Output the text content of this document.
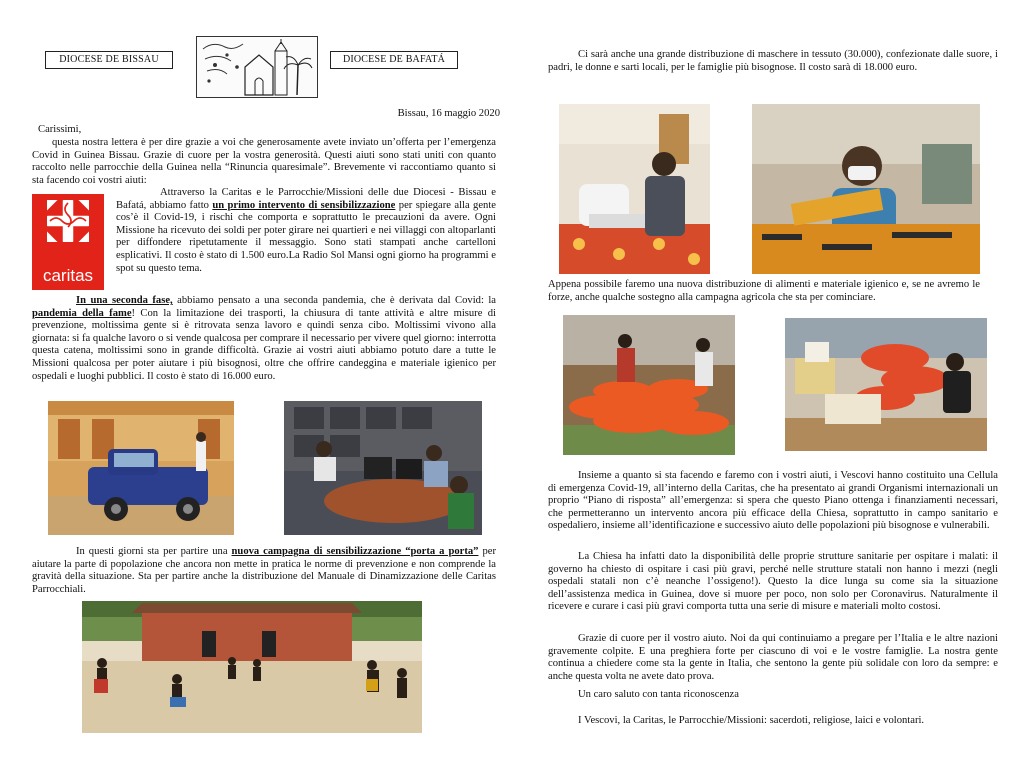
DIOCESE DE BISSAU	DIOCESE DE BAFATÁ
Bissau, 16 maggio 2020
Carissimi,
questa nostra lettera è per dire grazie a voi che generosamente avete inviato un’offerta per l’emergenza Covid in Guinea Bissau. Grazie di cuore per la vostra generosità. Questi aiuti sono stati uniti con quanto raccolto nelle parrocchie della Guinea nella “Rinuncia quaresimale”. Brevemente vi raccontiamo quanto si sta facendo coi vostri aiuti:
caritas
Attraverso la Caritas e le Parrocchie/Missioni delle due Diocesi - Bissau e Bafatá, abbiamo fatto un primo intervento di sensibilizzazione per spiegare alla gente cos’è il Covid-19, i rischi che comporta e soprattutto le precauzioni da avere. Ogni Missione ha ricevuto dei soldi per poter girare nei quartieri e nei villaggi con altoparlanti per diffondere ripetutamente il messaggio. Sono stati stampati anche cartelloni esplicativi. Il costo è stato di 1.500 euro.La Radio Sol Mansi ogni giorno ha programmi e spot su questo tema.
In una seconda fase, abbiamo pensato a una seconda pandemia, che è derivata dal Covid: la pandemia della fame! Con la limitazione dei trasporti, la chiusura di tante attività e altre misure di prevenzione, moltissima gente si è ritrovata senza lavoro e quindi senza cibo. Moltissimi vivono alla giornata: si fa qualche lavoro o si vende qualcosa per comprare il necessario per vivere quel giorno: interrotta questa catena, moltissimi sono in grande difficoltà. Grazie ai vostri aiuti abbiamo potuto dare a tutte le Missioni qualcosa per poter aiutare i più bisognosi, oltre che offrire candeggina e materiale igienico per ospedali e luoghi pubblici. Il costo è stato di 16.000 euro.
In questi giorni sta per partire una nuova campagna di sensibilizzazione “porta a porta” per aiutare la parte di popolazione che ancora non mette in pratica le norme di prevenzione e non comprende la gravità della situazione. Sta per partire anche la distribuzione del Manuale di Dinamizzazione delle Caritas Parrocchiali.
Ci sarà anche una grande distribuzione di maschere in tessuto (30.000), confezionate dalle suore, i padri, le donne e sarti locali, per le famiglie più bisognose. Il costo sarà di 18.000 euro.
Appena possibile faremo una nuova distribuzione di alimenti e materiale igienico e, se ne avremo le forze, anche qualche sostegno alla campagna agricola che sta per cominciare.
Insieme a quanto si sta facendo e faremo con i vostri aiuti, i Vescovi hanno costituito una Cellula di emergenza Covid-19, all’interno della Caritas, che ha presentato ai grandi Organismi internazionali un proprio “Piano di risposta” all’emergenza: si spera che questo Piano ottenga i finanziamenti necessari, che permetteranno un intervento ancora più efficace della Chiesa, soprattutto in campo sanitario e ospedaliero, insieme all’identificazione e successivo aiuto delle popolazioni più bisognose e vulnerabili.
La Chiesa ha infatti dato la disponibilità delle proprie strutture sanitarie per ospitare i malati: il governo ha chiesto di ospitare i casi più gravi, perché nelle strutture statali non hanno i mezzi (negli ospedali statali non c’è neanche l’ossigeno!). Questo la dice lunga su come sia la situazione dell’assistenza medica in Guinea, dove si muore per poco, non solo per Coronavirus. Naturalmente il ricevere e curare i casi più gravi comporta tutta una serie di misure e materiali molto costosi.
Grazie di cuore per il vostro aiuto. Noi da qui continuiamo a pregare per l’Italia e le altre nazioni gravemente colpite. E una preghiera forte per ciascuno di voi e le vostre famiglie. La nostra gente continua a chiedere come sta la gente in Italia, che sentono la gente più solidale con loro da sempre: e anche questa volta ne avete dato prova.
Un caro saluto con tanta riconoscenza
I Vescovi, la Caritas, le Parrocchie/Missioni: sacerdoti, religiose, laici e volontari.
